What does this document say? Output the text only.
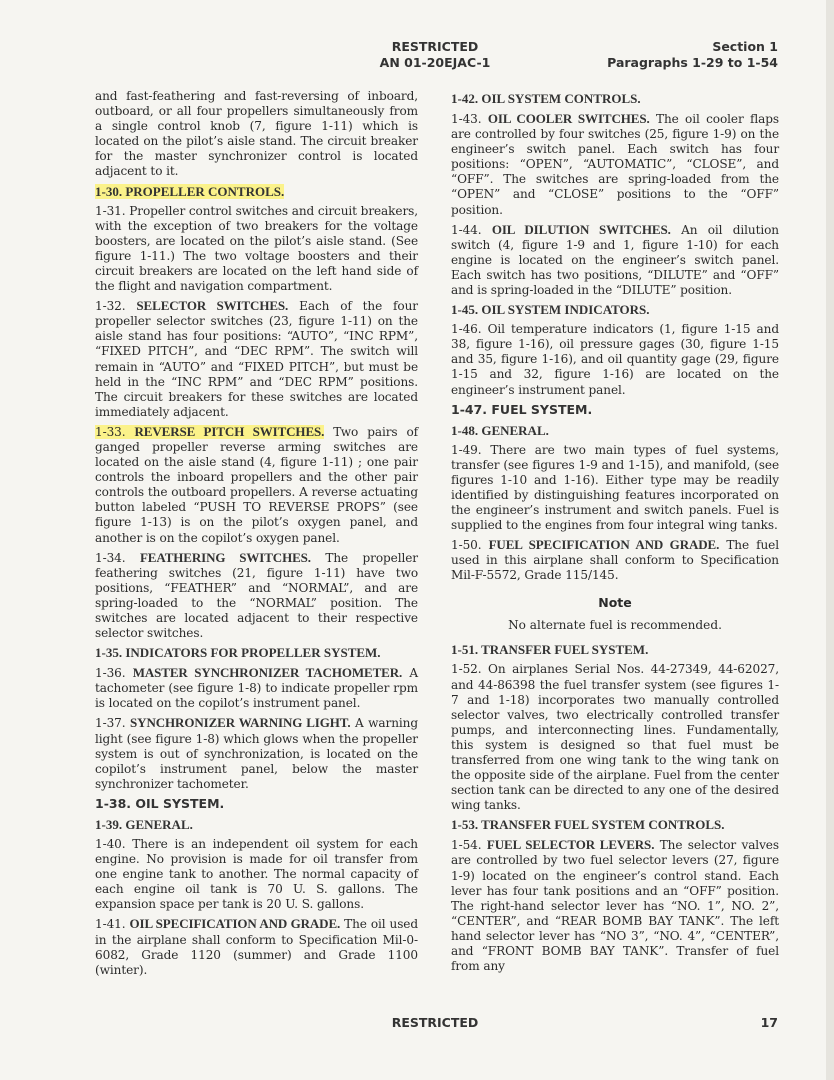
RESTRICTED
AN 01-20EJAC-1
Section 1
Paragraphs 1-29 to 1-54

and fast-feathering and fast-reversing of inboard, outboard, or all four propellers simultaneously from a single control knob (7, figure 1-11) which is located on the pilot’s aisle stand. The circuit breaker for the master synchronizer control is located adjacent to it.

1-30. PROPELLER CONTROLS.

1-31. Propeller control switches and circuit breakers, with the exception of two breakers for the voltage boosters, are located on the pilot’s aisle stand. (See figure 1-11.) The two voltage boosters and their circuit breakers are located on the left hand side of the flight and navigation compartment.

1-32. SELECTOR SWITCHES. Each of the four propeller selector switches (23, figure 1-11) on the aisle stand has four positions: “AUTO”, “INC RPM”, “FIXED PITCH”, and “DEC RPM”. The switch will remain in “AUTO” and “FIXED PITCH”, but must be held in the “INC RPM” and “DEC RPM” positions. The circuit breakers for these switches are located immediately adjacent.

1-33. REVERSE PITCH SWITCHES. Two pairs of ganged propeller reverse arming switches are located on the aisle stand (4, figure 1-11) ; one pair controls the inboard propellers and the other pair controls the outboard propellers. A reverse actuating button labeled “PUSH TO REVERSE PROPS” (see figure 1-13) is on the pilot’s oxygen panel, and another is on the copilot’s oxygen panel.

1-34. FEATHERING SWITCHES. The propeller feathering switches (21, figure 1-11) have two positions, “FEATHER” and “NORMAL”, and are spring-loaded to the “NORMAL” position. The switches are located adjacent to their respective selector switches.

1-35. INDICATORS FOR PROPELLER SYSTEM.

1-36. MASTER SYNCHRONIZER TACHOMETER. A tachometer (see figure 1-8) to indicate propeller rpm is located on the copilot’s instrument panel.

1-37. SYNCHRONIZER WARNING LIGHT. A warning light (see figure 1-8) which glows when the propeller system is out of synchronization, is located on the copilot’s instrument panel, below the master synchronizer tachometer.

1-38. OIL SYSTEM.
1-39. GENERAL.

1-40. There is an independent oil system for each engine. No provision is made for oil transfer from one engine tank to another. The normal capacity of each engine oil tank is 70 U. S. gallons. The expansion space per tank is 20 U. S. gallons.

1-41. OIL SPECIFICATION AND GRADE. The oil used in the airplane shall conform to Specification Mil-0-6082, Grade 1120 (summer) and Grade 1100 (winter).

1-42. OIL SYSTEM CONTROLS.

1-43. OIL COOLER SWITCHES. The oil cooler flaps are controlled by four switches (25, figure 1-9) on the engineer’s switch panel. Each switch has four positions: “OPEN”, “AUTOMATIC”, “CLOSE”, and “OFF”. The switches are spring-loaded from the “OPEN” and “CLOSE” positions to the “OFF” position.

1-44. OIL DILUTION SWITCHES. An oil dilution switch (4, figure 1-9 and 1, figure 1-10) for each engine is located on the engineer’s switch panel. Each switch has two positions, “DILUTE” and “OFF” and is spring-loaded in the “DILUTE” position.

1-45. OIL SYSTEM INDICATORS.

1-46. Oil temperature indicators (1, figure 1-15 and 38, figure 1-16), oil pressure gages (30, figure 1-15 and 35, figure 1-16), and oil quantity gage (29, figure 1-15 and 32, figure 1-16) are located on the engineer’s instrument panel.

1-47. FUEL SYSTEM.
1-48. GENERAL.

1-49. There are two main types of fuel systems, transfer (see figures 1-9 and 1-15), and manifold, (see figures 1-10 and 1-16). Either type may be readily identified by distinguishing features incorporated on the engineer’s instrument and switch panels. Fuel is supplied to the engines from four integral wing tanks.

1-50. FUEL SPECIFICATION AND GRADE. The fuel used in this airplane shall conform to Specification Mil-F-5572, Grade 115/145.

Note
No alternate fuel is recommended.
1-51. TRANSFER FUEL SYSTEM.

1-52. On airplanes Serial Nos. 44-27349, 44-62027, and 44-86398 the fuel transfer system (see figures 1-7 and 1-18) incorporates two manually controlled selector valves, two electrically controlled transfer pumps, and interconnecting lines. Fundamentally, this system is designed so that fuel must be transferred from one wing tank to the wing tank on the opposite side of the airplane. Fuel from the center section tank can be directed to any one of the desired wing tanks.

1-53. TRANSFER FUEL SYSTEM CONTROLS.

1-54. FUEL SELECTOR LEVERS. The selector valves are controlled by two fuel selector levers (27, figure 1-9) located on the engineer’s control stand. Each lever has four tank positions and an “OFF” position. The right-hand selector lever has “NO. 1”, NO. 2”, “CENTER”, and “REAR BOMB BAY TANK”. The left hand selector lever has “NO 3”, “NO. 4”, “CENTER”, and “FRONT BOMB BAY TANK”. Transfer of fuel from any

RESTRICTED	17
